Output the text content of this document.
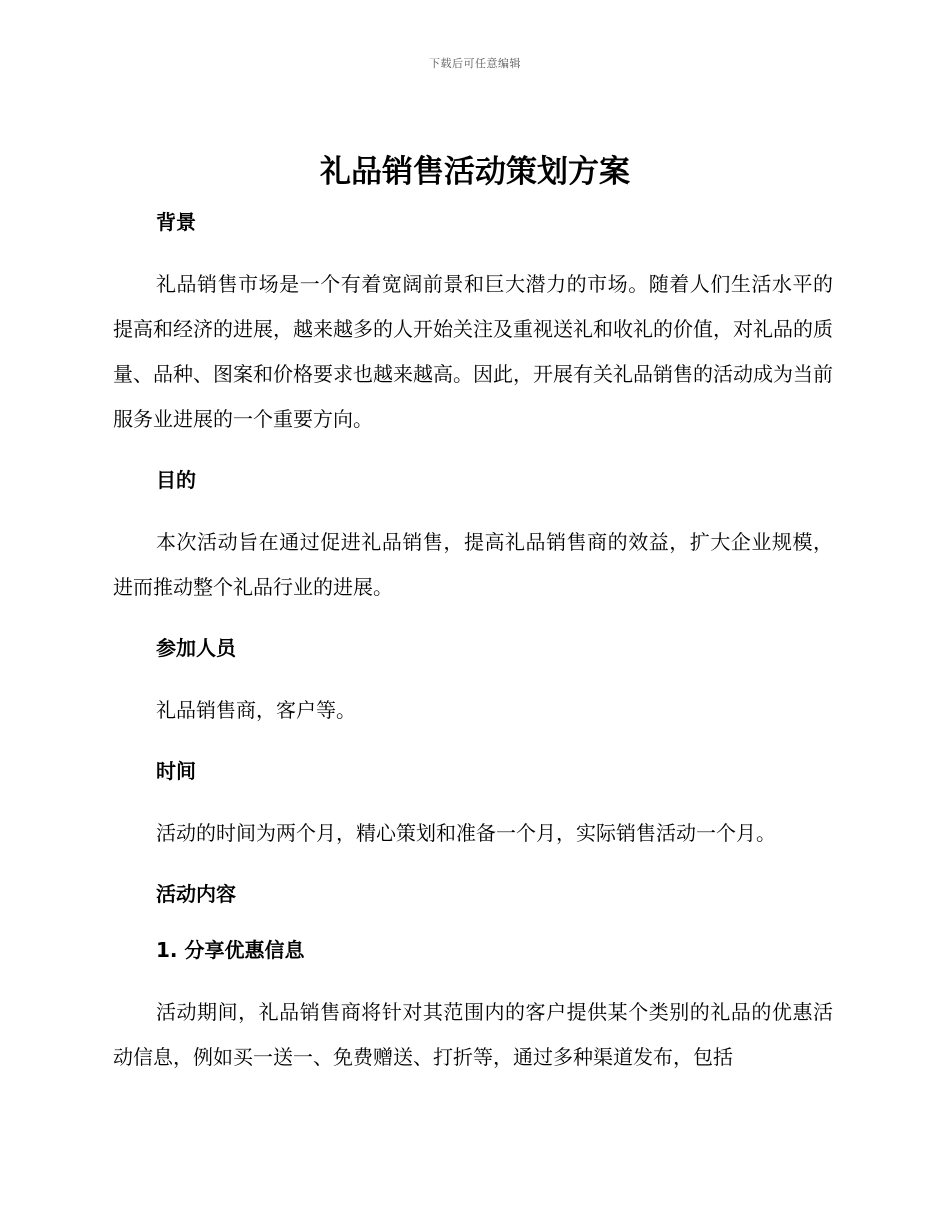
下载后可任意编辑
礼品销售活动策划方案

背景

礼品销售市场是一个有着宽阔前景和巨大潜力的市场。随着人们生活水平的提高和经济的进展，越来越多的人开始关注及重视送礼和收礼的价值，对礼品的质量、品种、图案和价格要求也越来越高。因此，开展有关礼品销售的活动成为当前服务业进展的一个重要方向。

目的

本次活动旨在通过促进礼品销售，提高礼品销售商的效益，扩大企业规模，进而推动整个礼品行业的进展。

参加人员

礼品销售商，客户等。

时间

活动的时间为两个月，精心策划和准备一个月，实际销售活动一个月。

活动内容

1. 分享优惠信息

活动期间，礼品销售商将针对其范围内的客户提供某个类别的礼品的优惠活动信息，例如买一送一、免费赠送、打折等，通过多种渠道发布，包括
